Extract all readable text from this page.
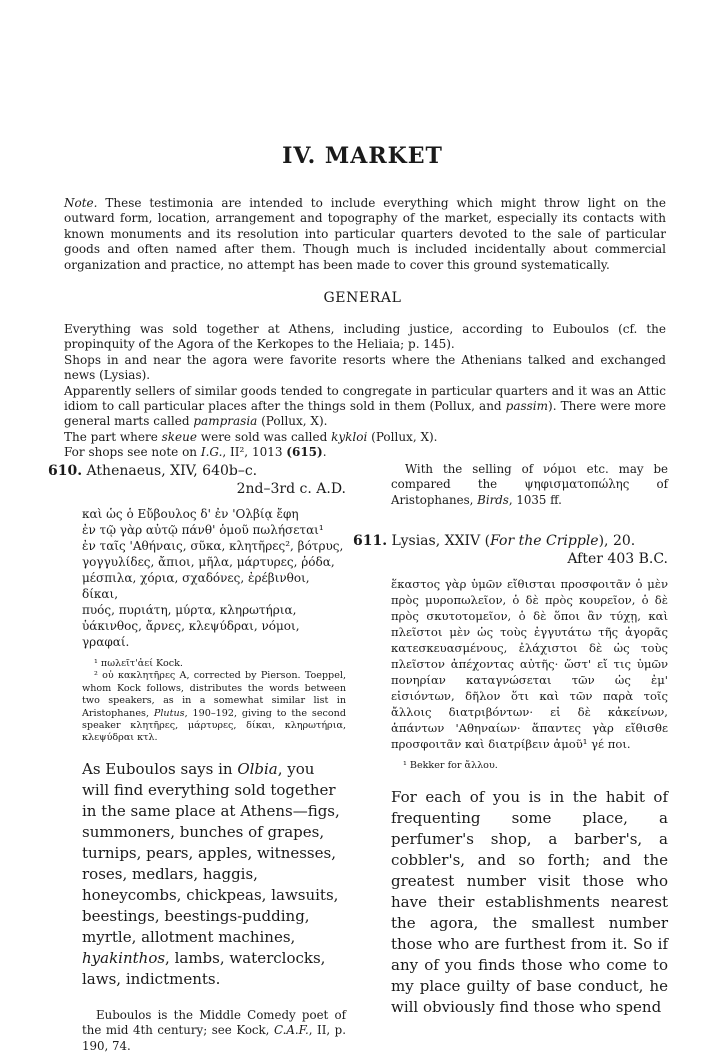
IV. MARKET
Note. These testimonia are intended to include everything which might throw light on the outward form, location, arrangement and topography of the market, especially its contacts with known monuments and its resolution into particular quarters devoted to the sale of particular goods and often named after them. Though much is included incidentally about commercial organization and practice, no attempt has been made to cover this ground systematically.
GENERAL

Everything was sold together at Athens, including justice, according to Euboulos (cf. the propinquity of the Agora of the Kerkopes to the Heliaia; p. 145).

Shops in and near the agora were favorite resorts where the Athenians talked and exchanged news (Lysias).

Apparently sellers of similar goods tended to congregate in particular quarters and it was an Attic idiom to call particular places after the things sold in them (Pollux, and passim). There were more general marts called pamprasia (Pollux, X).

The part where skeue were sold was called kykloi (Pollux, X).

For shops see note on I.G., II², 1013 (615).

610. Athenaeus, XIV, 640b–c.
2nd–3rd c. A.D.
καὶ ὡς ὁ Εὔβουλος δ' ἐν 'Ολβίᾳ ἔφη
ἐν τῷ γὰρ αὐτῷ πάνθ' ὁμοῦ πωλήσεται¹
ἐν ταῖς 'Αθήναις, σῦκα, κλητῆρες², βότρυς,
γογγυλίδες, ἄπιοι, μῆλα, μάρτυρες, ῥόδα,
μέσπιλα, χόρια, σχαδόνες, ἐρέβινθοι, δίκαι,
πυός, πυριάτη, μύρτα, κληρωτήρια,
ὑάκινθος, ἄρνες, κλεψύδραι, νόμοι, γραφαί.
¹ πωλεῖτ'ἀεί Kock.
² οὐ κακλητῆρες A, corrected by Pierson. Toeppel, whom Kock follows, distributes the words between two speakers, as in a somewhat similar list in Aristophanes, Plutus, 190–192, giving to the second speaker κλητῆρες, μάρτυρες, δίκαι, κληρωτήρια, κλεψύδραι κτλ.
As Euboulos says in Olbia, you will find everything sold together in the same place at Athens—figs, summoners, bunches of grapes, turnips, pears, apples, witnesses, roses, medlars, haggis, honeycombs, chickpeas, lawsuits, beestings, beestings-pudding, myrtle, allotment machines, hyakinthos, lambs, waterclocks, laws, indictments.
Euboulos is the Middle Comedy poet of the mid 4th century; see Kock, C.A.F., II, p. 190, 74.
With the selling of νόμοι etc. may be compared the ψηφισματοπώλης of Aristophanes, Birds, 1035 ff.
611. Lysias, XXIV (For the Cripple), 20.
After 403 B.C.
ἕκαστος γὰρ ὑμῶν εἴθισται προσφοιτᾶν ὁ μὲν πρὸς μυροπωλεῖον, ὁ δὲ πρὸς κουρεῖον, ὁ δὲ πρὸς σκυτοτομεῖον, ὁ δὲ ὅποι ἂν τύχῃ, καὶ πλεῖστοι μὲν ὡς τοὺς ἐγγυτάτω τῆς ἀγορᾶς κατεσκευασμένους, ἐλάχιστοι δὲ ὡς τοὺς πλεῖστον ἀπέχοντας αὐτῆς· ὥστ' εἴ τις ὑμῶν πονηρίαν καταγνώσεται τῶν ὡς ἐμ' εἰσιόντων, δῆλον ὅτι καὶ τῶν παρὰ τοῖς ἄλλοις διατριβόντων· εἰ δὲ κἀκείνων, ἁπάντων 'Αθηναίων· ἅπαντες γὰρ εἴθισθε προσφοιτᾶν καὶ διατρίβειν ἁμοῦ¹ γέ ποι.
¹ Bekker for ἄλλου.
For each of you is in the habit of frequenting some place, a perfumer's shop, a barber's, a cobbler's, and so forth; and the greatest number visit those who have their establishments nearest the agora, the smallest number those who are furthest from it. So if any of you finds those who come to my place guilty of base conduct, he will obviously find those who spend
